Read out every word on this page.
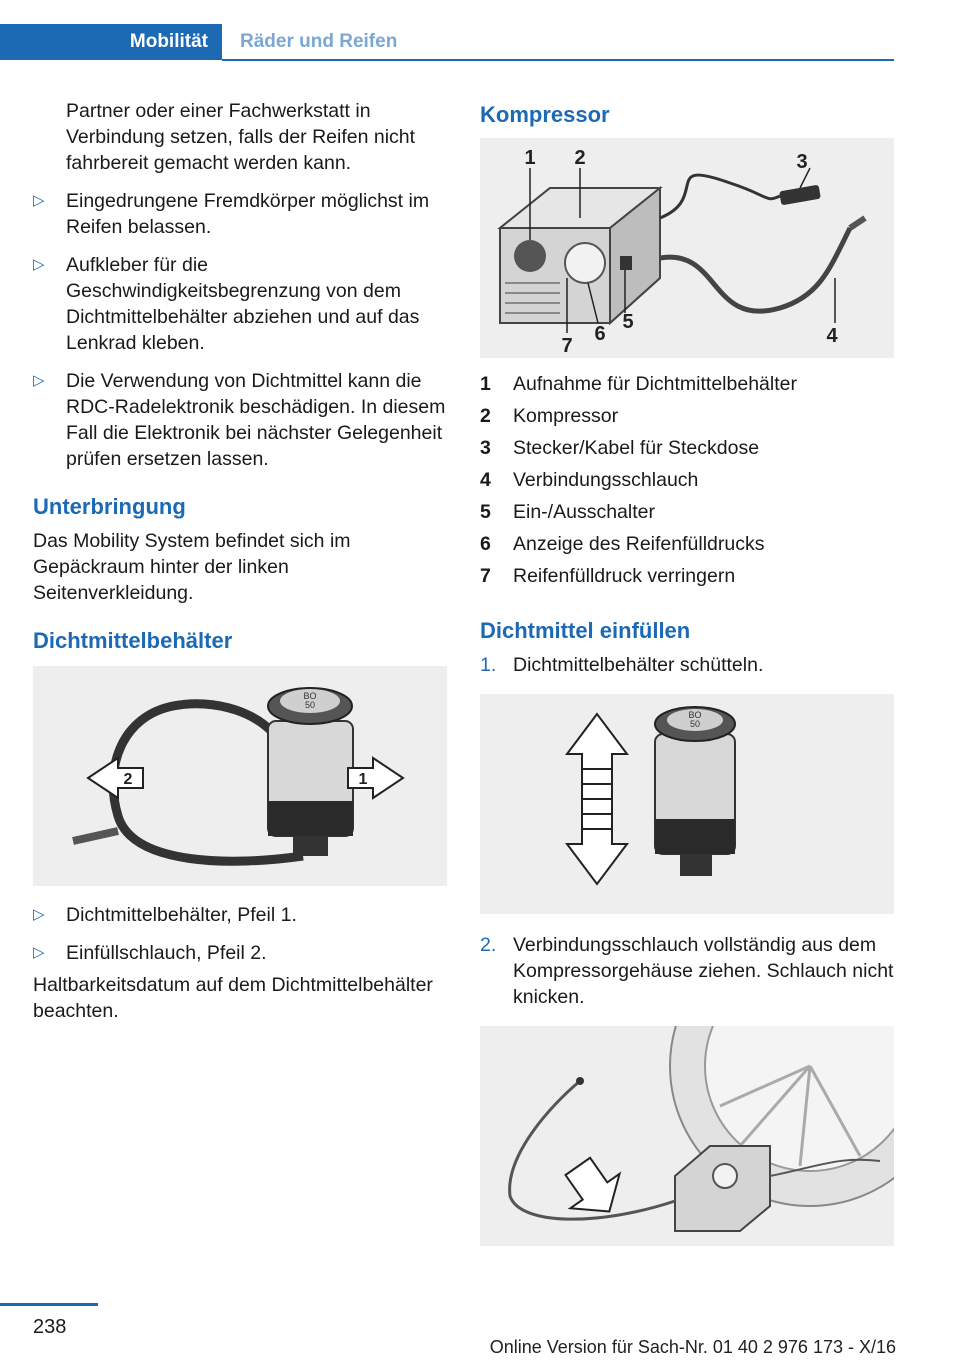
Mobilität	Räder und Reifen

Partner oder einer Fachwerkstatt in Verbindung setzen, falls der Reifen nicht fahrbereit gemacht werden kann.

▷	Eingedrungene Fremdkörper möglichst im Reifen belassen.
▷	Aufkleber für die Geschwindigkeitsbegrenzung von dem Dichtmittelbehälter abziehen und auf das Lenkrad kleben.
▷	Die Verwendung von Dichtmittel kann die RDC-Radelektronik beschädigen. In diesem Fall die Elektronik bei nächster Gelegenheit prüfen ersetzen lassen.
Unterbringung

Das Mobility System befindet sich im Gepäckraum hinter der linken Seitenverkleidung.

Dichtmittelbehälter
BO
50
2	1
▷	Dichtmittelbehälter, Pfeil 1.
▷	Einfüllschlauch, Pfeil 2.

Haltbarkeitsdatum auf dem Dichtmittelbehälter beachten.

Kompressor
1 2	3
4
5
6
7
1	Aufnahme für Dichtmittelbehälter
2	Kompressor
3	Stecker/Kabel für Steckdose
4	Verbindungsschlauch
5	Ein-/Ausschalter
6	Anzeige des Reifenfülldrucks
7	Reifenfülldruck verringern
Dichtmittel einfüllen
1. Dichtmittelbehälter schütteln.
BO
50
2. Verbindungsschlauch vollständig aus dem Kompressorgehäuse ziehen. Schlauch nicht knicken.
238
Online Version für Sach-Nr. 01 40 2 976 173 - X/16
